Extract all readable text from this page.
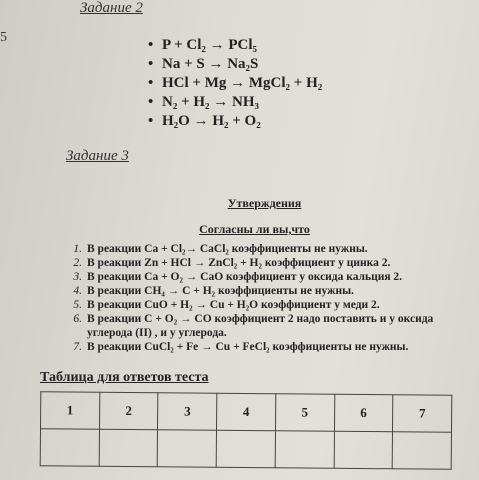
5
Задание 2
• P + Cl₂ → PCl₅
• Na + S → Na₂S
• HCl + Mg → MgCl₂ + H₂
• N₂ + H₂ → NH₃
• H₂O → H₂ + O₂
Задание 3
Утверждения
Согласны ли вы,что
1. В реакции Ca + Cl₂→ CaCl₂ коэффициенты не нужны.
2. В реакции Zn + HCl → ZnCl₂ + H₂ коэффициент у цинка 2.
3. В реакции Ca + O₂ → CaO коэффициент у оксида кальция 2.
4. В реакции CH₄ → C + H₂ коэффициенты не нужны.
5. В реакции CuO + H₂ → Cu + H₂O коэффициент у меди 2.
6. В реакции C + O₂ → CO коэффициент 2 надо поставить и у оксида
углерода (II) , и у углерода.
7. В реакции CuCl₂ + Fe → Cu + FeCl₂ коэффициенты не нужны.
Таблица для ответов теста
1	2	3	4	5	6	7
